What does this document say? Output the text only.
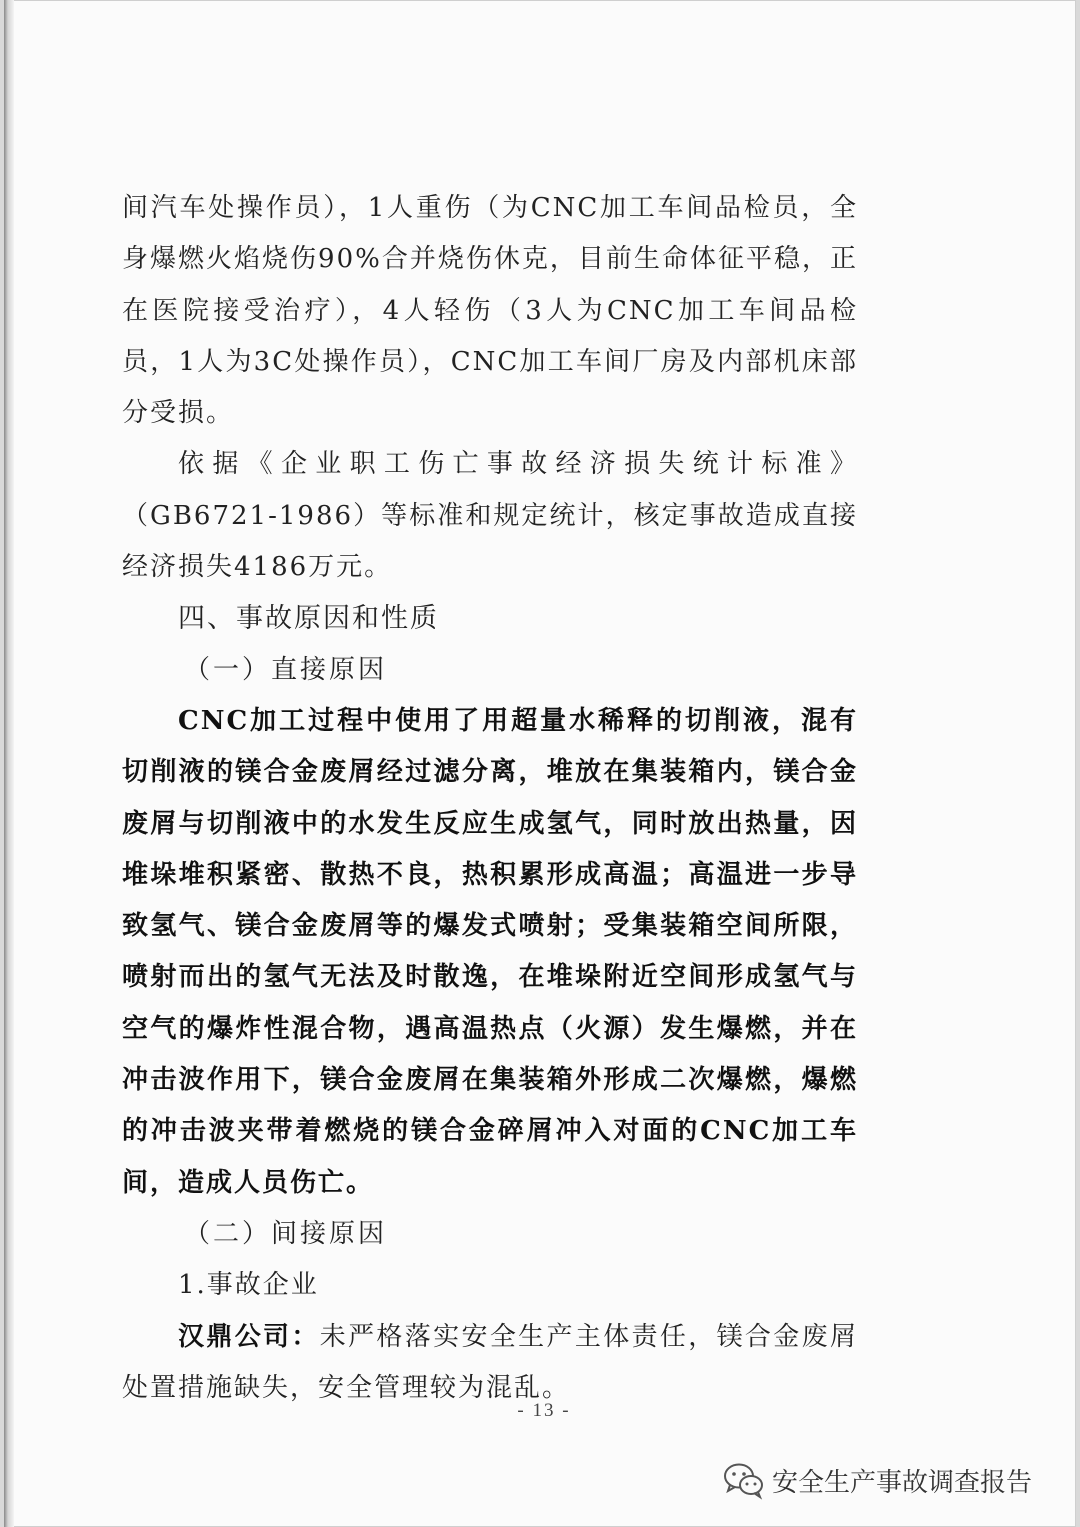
间汽车处操作员），1人重伤（为CNC加工车间品检员，全身爆燃火焰烧伤90%合并烧伤休克，目前生命体征平稳，正在医院接受治疗），4人轻伤（3人为CNC加工车间品检员，1人为3C处操作员），CNC加工车间厂房及内部机床部分受损。

依据《企业职工伤亡事故经济损失统计标准》（GB6721-1986）等标准和规定统计，核定事故造成直接经济损失4186万元。

四、事故原因和性质

（一）直接原因

CNC加工过程中使用了用超量水稀释的切削液，混有切削液的镁合金废屑经过滤分离，堆放在集装箱内，镁合金废屑与切削液中的水发生反应生成氢气，同时放出热量，因堆垛堆积紧密、散热不良，热积累形成高温；高温进一步导致氢气、镁合金废屑等的爆发式喷射；受集装箱空间所限，喷射而出的氢气无法及时散逸，在堆垛附近空间形成氢气与空气的爆炸性混合物，遇高温热点（火源）发生爆燃，并在冲击波作用下，镁合金废屑在集装箱外形成二次爆燃，爆燃的冲击波夹带着燃烧的镁合金碎屑冲入对面的CNC加工车间，造成人员伤亡。

（二）间接原因

1.事故企业

汉鼎公司：未严格落实安全生产主体责任，镁合金废屑处置措施缺失，安全管理较为混乱。

- 13 -
安全生产事故调查报告
